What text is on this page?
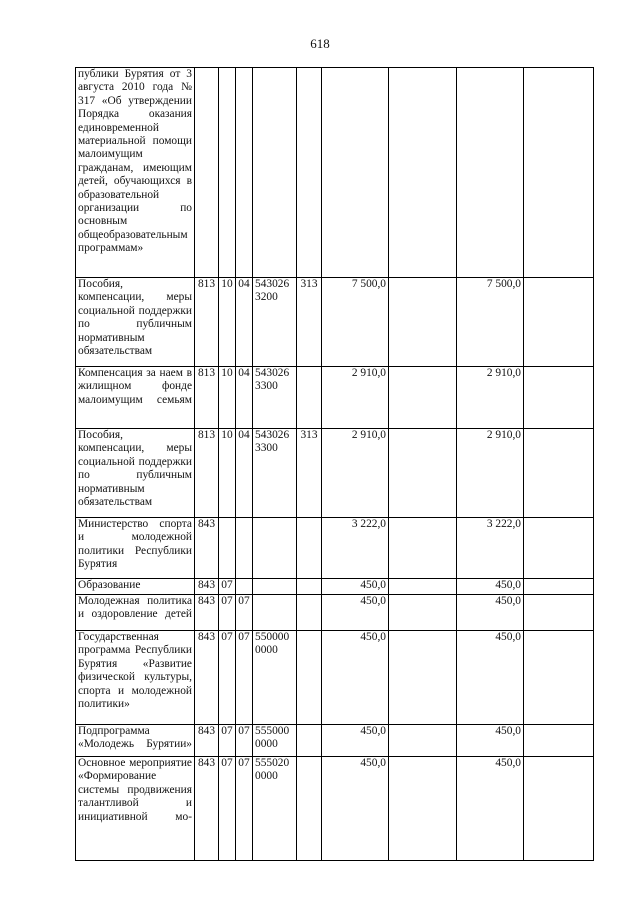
618
публики Бурятия от 3 августа 2010 года № 317 «Об утверждении Порядка оказания единовременной материальной помощи малоимущим гражданам, имеющим детей, обучающихся в образовательной организации по основным общеобразовательным программам»									
Пособия, компенсации, меры социальной поддержки по публичным нормативным обязательствам	813	10	04	543026 3200	313	7 500,0		7 500,0	
Компенсация за наем в жилищном фонде малоимущим семьям	813	10	04	543026 3300		2 910,0		2 910,0	
Пособия, компенсации, меры социальной поддержки по публичным нормативным обязательствам	813	10	04	543026 3300	313	2 910,0		2 910,0	
Министерство спорта и молодежной политики Республики Бурятия	843					3 222,0		3 222,0	
Образование	843	07				450,0		450,0	
Молодежная политика и оздоровление детей	843	07	07			450,0		450,0	
Государственная программа Республики Бурятия «Развитие физической культуры, спорта и молодежной политики»	843	07	07	550000 0000		450,0		450,0	
Подпрограмма «Молодежь Бурятии»	843	07	07	555000 0000		450,0		450,0	
Основное мероприятие «Формирование системы продвижения талантливой и инициативной мо-	843	07	07	555020 0000		450,0		450,0	
